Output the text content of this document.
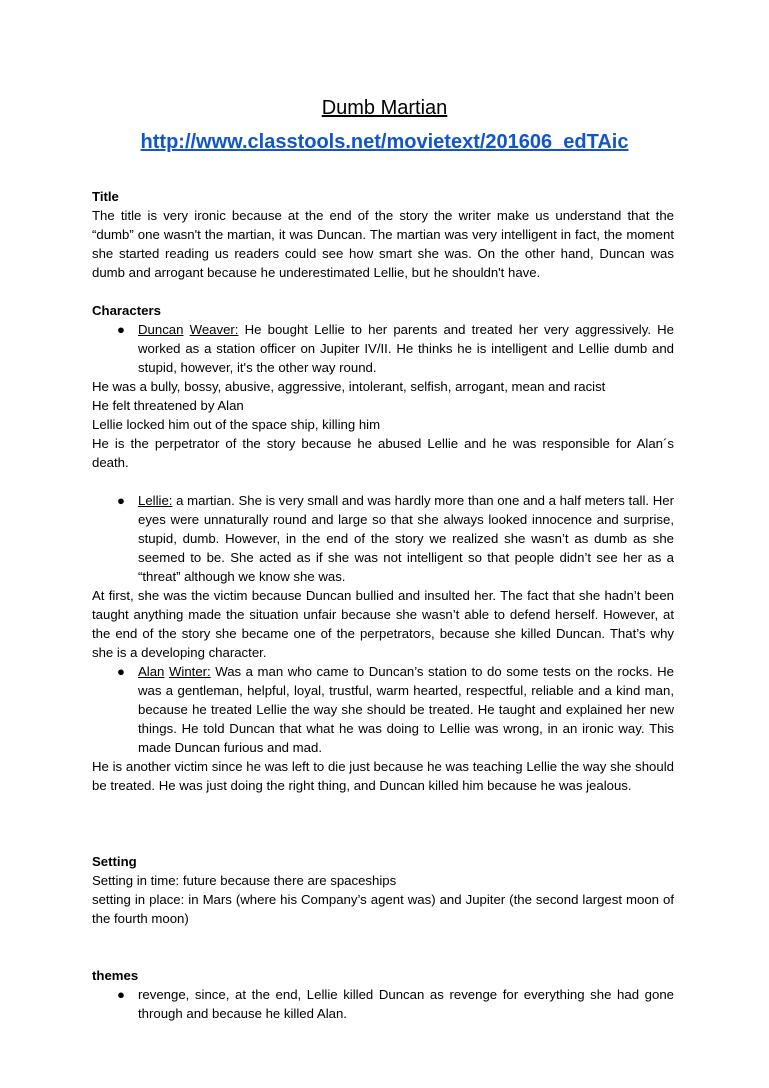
Dumb Martian
http://www.classtools.net/movietext/201606_edTAic

Title

The title is very ironic because at the end of the story the writer make us understand that the “dumb” one wasn't the martian, it was Duncan. The martian was very intelligent in fact, the moment she started reading us readers could see how smart she was. On the other hand, Duncan was dumb and arrogant because he underestimated Lellie, but he shouldn't have.

Characters

● Duncan Weaver: He bought Lellie to her parents and treated her very aggressively. He worked as a station officer on Jupiter IV/II. He thinks he is intelligent and Lellie dumb and stupid, however, it's the other way round.

He was a bully, bossy, abusive, aggressive, intolerant, selfish, arrogant, mean and racist

He felt threatened by Alan

Lellie locked him out of the space ship, killing him

He is the perpetrator of the story because he abused Lellie and he was responsible for Alan´s death.

● Lellie: a martian. She is very small and was hardly more than one and a half meters tall. Her eyes were unnaturally round and large so that she always looked innocence and surprise, stupid, dumb. However, in the end of the story we realized she wasn’t as dumb as she seemed to be. She acted as if she was not intelligent so that people didn’t see her as a “threat” although we know she was.

At first, she was the victim because Duncan bullied and insulted her. The fact that she hadn’t been taught anything made the situation unfair because she wasn’t able to defend herself. However, at the end of the story she became one of the perpetrators, because she killed Duncan. That’s why she is a developing character.

● Alan Winter: Was a man who came to Duncan’s station to do some tests on the rocks. He was a gentleman, helpful, loyal, trustful, warm hearted, respectful, reliable and a kind man, because he treated Lellie the way she should be treated. He taught and explained her new things. He told Duncan that what he was doing to Lellie was wrong, in an ironic way. This made Duncan furious and mad.

He is another victim since he was left to die just because he was teaching Lellie the way she should be treated. He was just doing the right thing, and Duncan killed him because he was jealous.

Setting

Setting in time: future because there are spaceships

setting in place: in Mars (where his Company’s agent was) and Jupiter (the second largest moon of the fourth moon)

themes

● revenge, since, at the end, Lellie killed Duncan as revenge for everything she had gone through and because he killed Alan.
